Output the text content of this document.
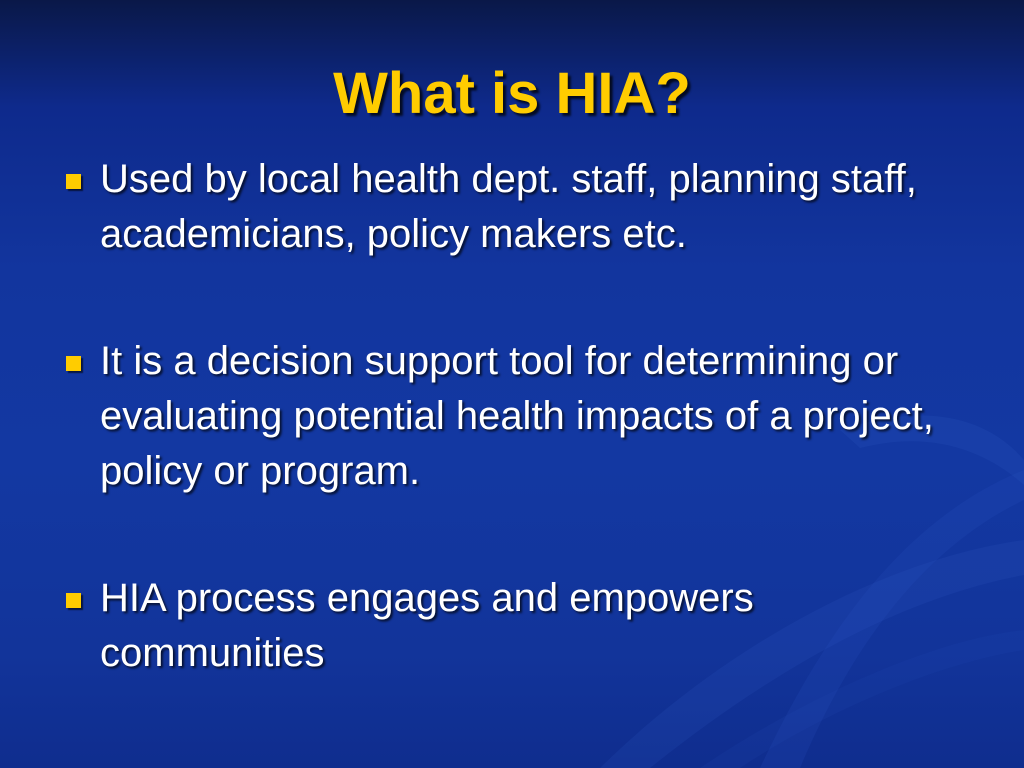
What is HIA?
Used by local health dept. staff, planning staff, academicians, policy makers etc.
It is a decision support tool for determining or evaluating potential health impacts of a project, policy or program.
HIA process engages and empowers communities
